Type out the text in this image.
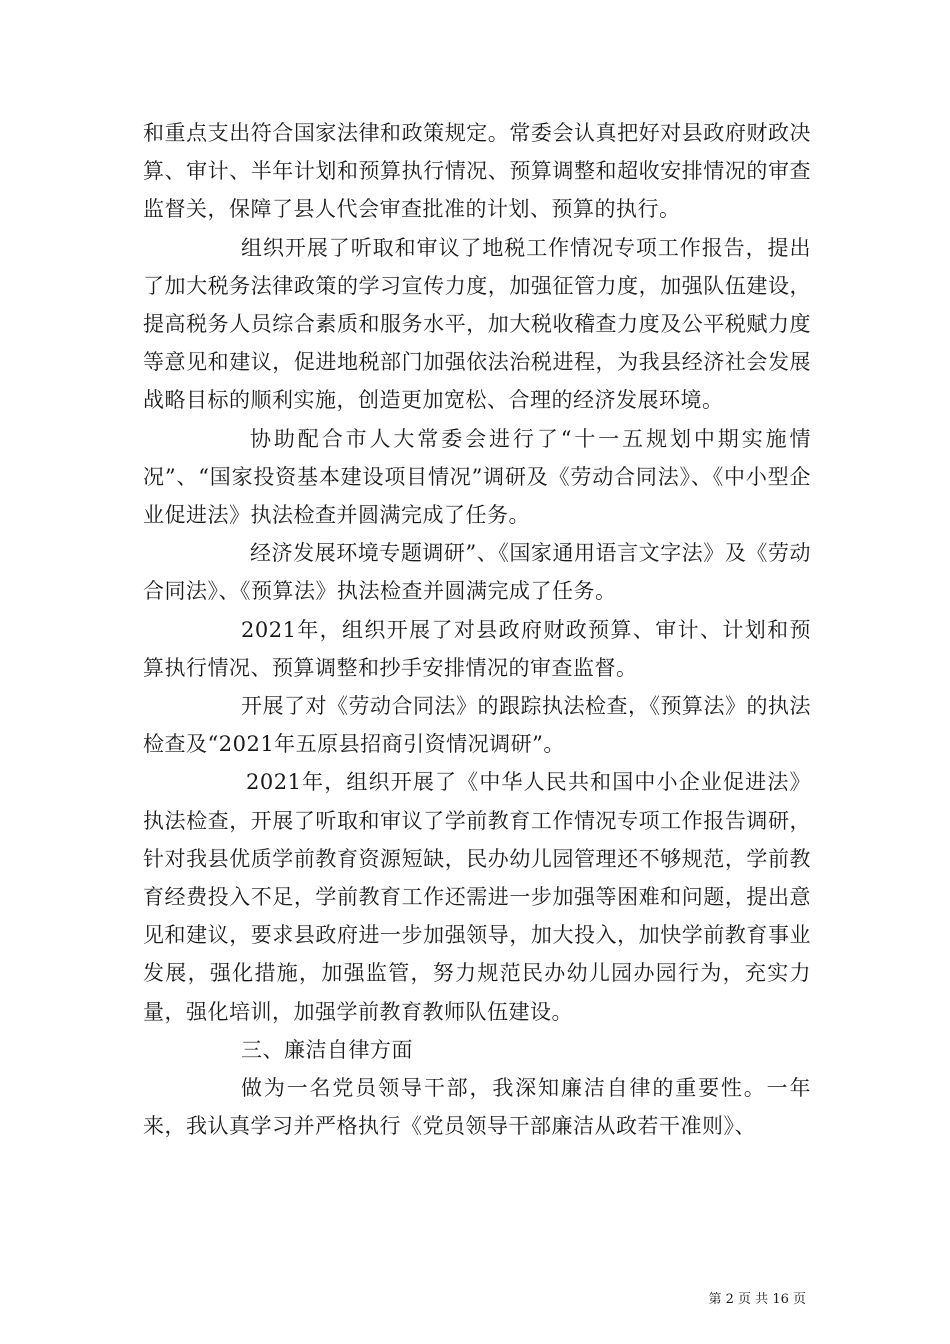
和重点支出符合国家法律和政策规定。常委会认真把好对县政府财政决算、审计、半年计划和预算执行情况、预算调整和超收安排情况的审查监督关，保障了县人代会审查批准的计划、预算的执行。

组织开展了听取和审议了地税工作情况专项工作报告，提出了加大税务法律政策的学习宣传力度，加强征管力度，加强队伍建设，提高税务人员综合素质和服务水平，加大税收稽查力度及公平税赋力度等意见和建议，促进地税部门加强依法治税进程，为我县经济社会发展战略目标的顺利实施，创造更加宽松、合理的经济发展环境。

协助配合市人大常委会进行了“十一五规划中期实施情况”、“国家投资基本建设项目情况”调研及《劳动合同法》、《中小型企业促进法》执法检查并圆满完成了任务。

经济发展环境专题调研”、《国家通用语言文字法》及《劳动合同法》、《预算法》执法检查并圆满完成了任务。

2021年，组织开展了对县政府财政预算、审计、计划和预算执行情况、预算调整和抄手安排情况的审查监督。

开展了对《劳动合同法》的跟踪执法检查，《预算法》的执法检查及“2021年五原县招商引资情况调研”。

2021年，组织开展了《中华人民共和国中小企业促进法》执法检查，开展了听取和审议了学前教育工作情况专项工作报告调研，针对我县优质学前教育资源短缺，民办幼儿园管理还不够规范，学前教育经费投入不足，学前教育工作还需进一步加强等困难和问题，提出意见和建议，要求县政府进一步加强领导，加大投入，加快学前教育事业发展，强化措施，加强监管，努力规范民办幼儿园办园行为，充实力量，强化培训，加强学前教育教师队伍建设。

三、廉洁自律方面

做为一名党员领导干部，我深知廉洁自律的重要性。一年来，我认真学习并严格执行《党员领导干部廉洁从政若干准则》、

第 2 页 共 16 页
